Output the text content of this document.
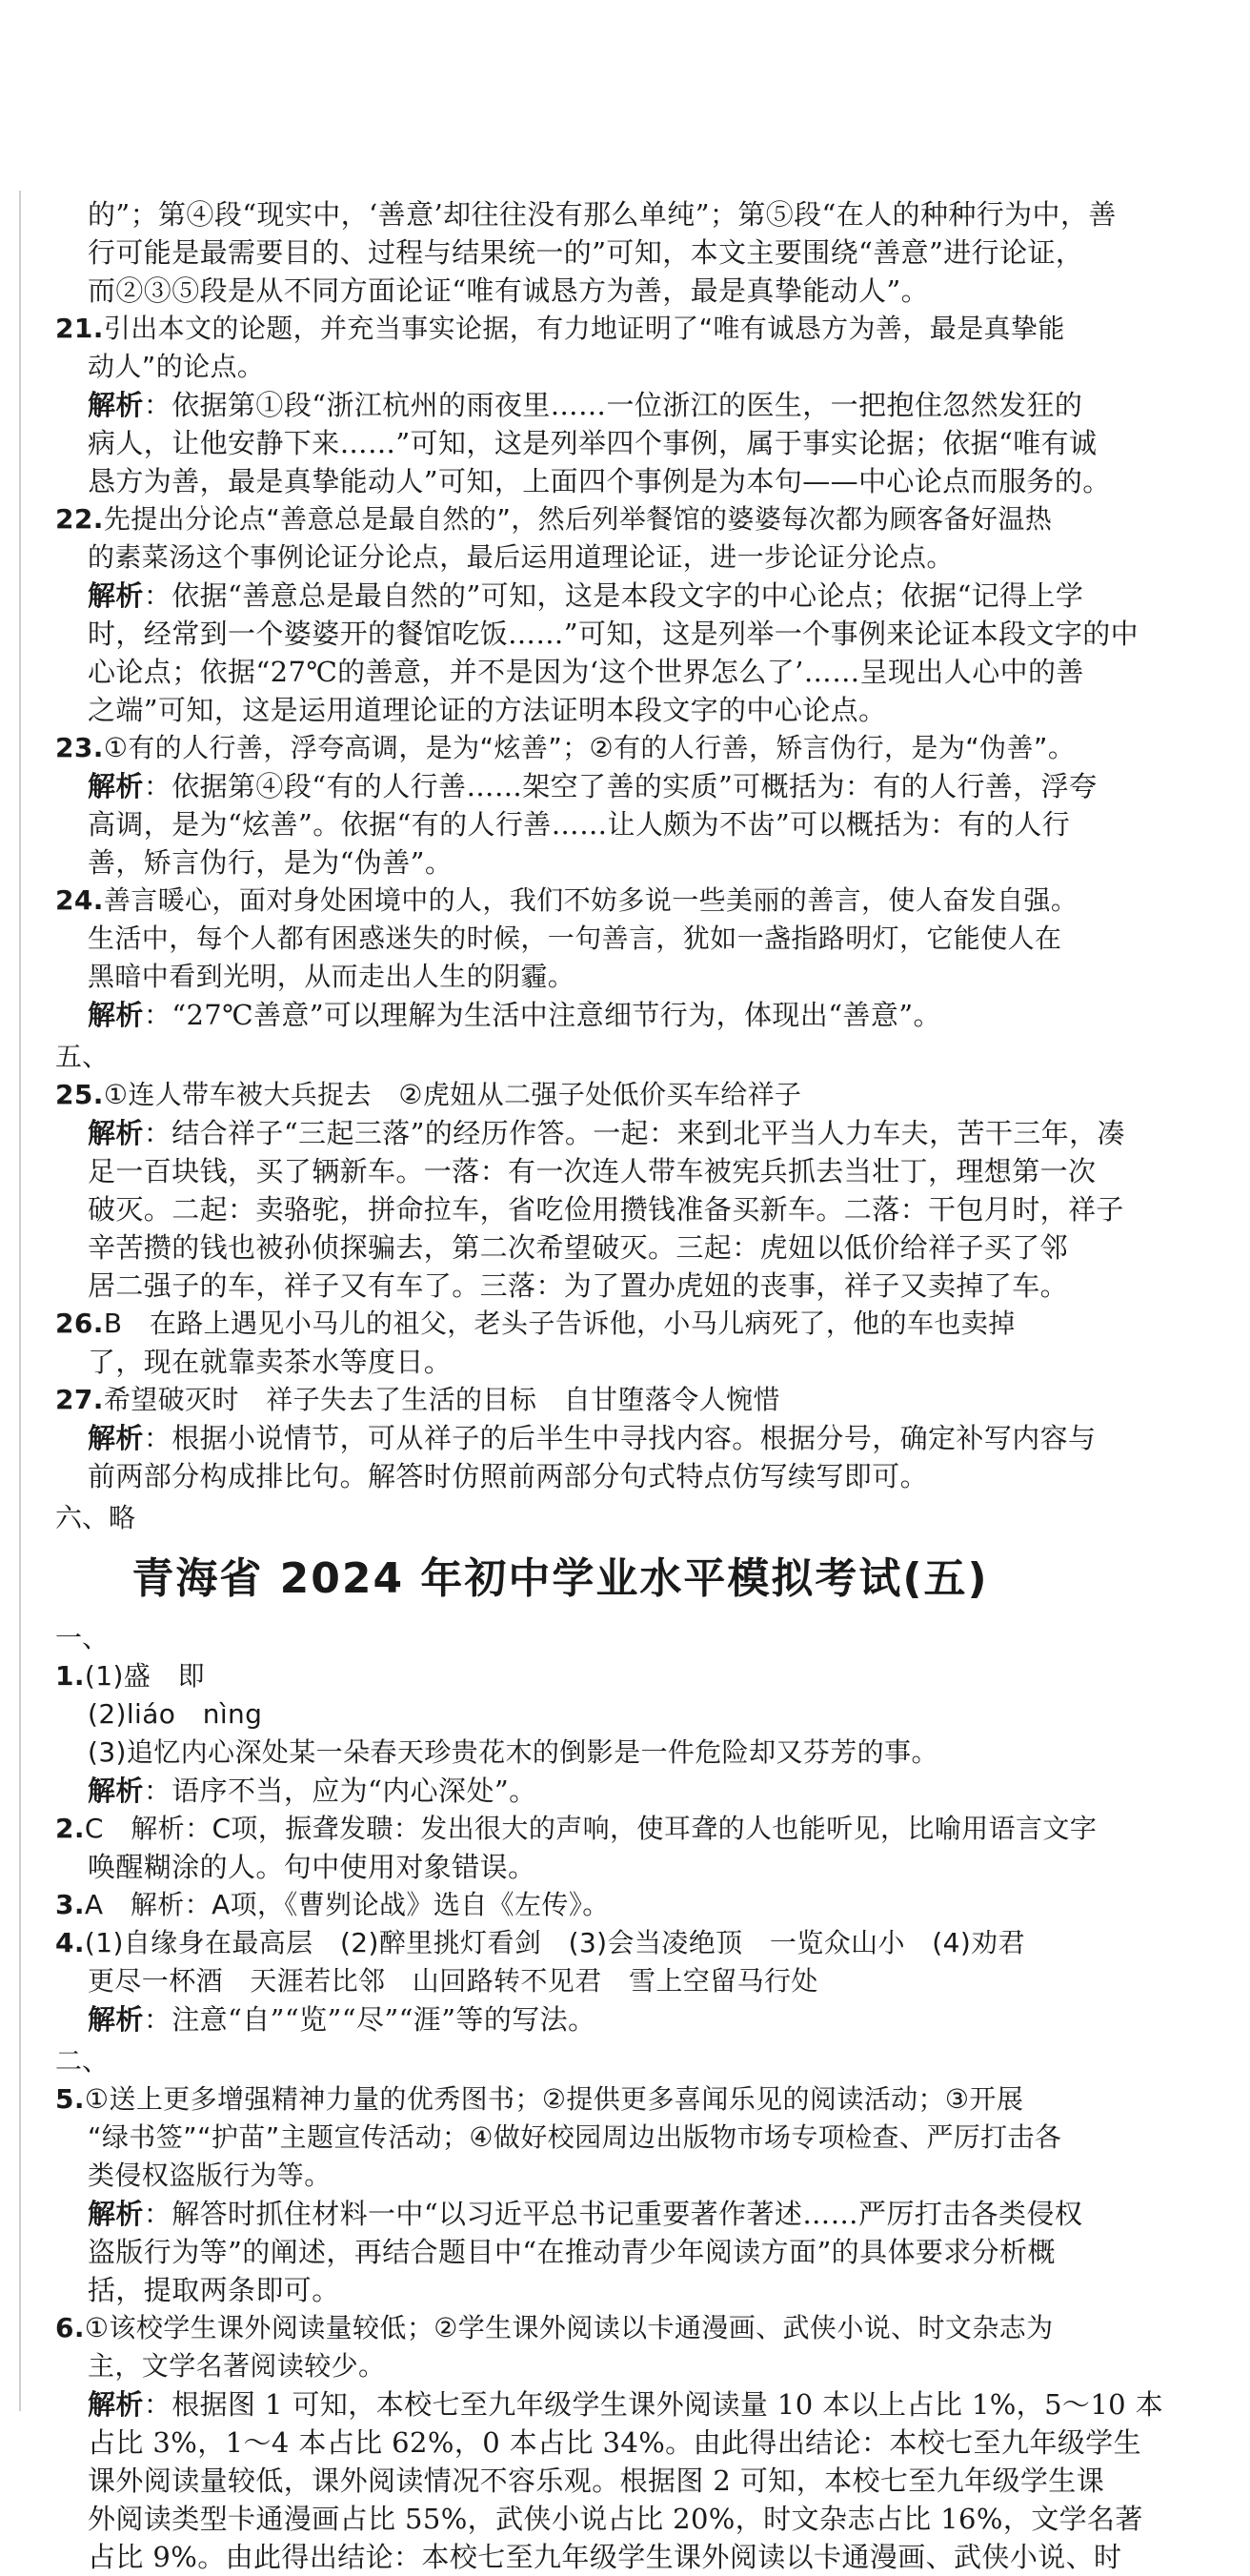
的”；第④段“现实中，‘善意’却往往没有那么单纯”；第⑤段“在人的种种行为中，善
行可能是最需要目的、过程与结果统一的”可知，本文主要围绕“善意”进行论证，
而②③⑤段是从不同方面论证“唯有诚恳方为善，最是真挚能动人”。
21.引出本文的论题，并充当事实论据，有力地证明了“唯有诚恳方为善，最是真挚能
动人”的论点。
解析：依据第①段“浙江杭州的雨夜里……一位浙江的医生，一把抱住忽然发狂的
病人，让他安静下来……”可知，这是列举四个事例，属于事实论据；依据“唯有诚
恳方为善，最是真挚能动人”可知，上面四个事例是为本句——中心论点而服务的。
22.先提出分论点“善意总是最自然的”，然后列举餐馆的婆婆每次都为顾客备好温热
的素菜汤这个事例论证分论点，最后运用道理论证，进一步论证分论点。
解析：依据“善意总是最自然的”可知，这是本段文字的中心论点；依据“记得上学
时，经常到一个婆婆开的餐馆吃饭……”可知，这是列举一个事例来论证本段文字的中
心论点；依据“27℃的善意，并不是因为‘这个世界怎么了’……呈现出人心中的善
之端”可知，这是运用道理论证的方法证明本段文字的中心论点。
23.①有的人行善，浮夸高调，是为“炫善”；②有的人行善，矫言伪行，是为“伪善”。
解析：依据第④段“有的人行善……架空了善的实质”可概括为：有的人行善，浮夸
高调，是为“炫善”。依据“有的人行善……让人颇为不齿”可以概括为：有的人行
善，矫言伪行，是为“伪善”。
24.善言暖心，面对身处困境中的人，我们不妨多说一些美丽的善言，使人奋发自强。
生活中，每个人都有困惑迷失的时候，一句善言，犹如一盏指路明灯，它能使人在
黑暗中看到光明，从而走出人生的阴霾。
解析：“27℃善意”可以理解为生活中注意细节行为，体现出“善意”。
五、
25.①连人带车被大兵捉去　②虎妞从二强子处低价买车给祥子
解析：结合祥子“三起三落”的经历作答。一起：来到北平当人力车夫，苦干三年，凑
足一百块钱，买了辆新车。一落：有一次连人带车被宪兵抓去当壮丁，理想第一次
破灭。二起：卖骆驼，拼命拉车，省吃俭用攒钱准备买新车。二落：干包月时，祥子
辛苦攒的钱也被孙侦探骗去，第二次希望破灭。三起：虎妞以低价给祥子买了邻
居二强子的车，祥子又有车了。三落：为了置办虎妞的丧事，祥子又卖掉了车。
26.B　在路上遇见小马儿的祖父，老头子告诉他，小马儿病死了，他的车也卖掉
了，现在就靠卖茶水等度日。
27.希望破灭时　祥子失去了生活的目标　自甘堕落令人惋惜
解析：根据小说情节，可从祥子的后半生中寻找内容。根据分号，确定补写内容与
前两部分构成排比句。解答时仿照前两部分句式特点仿写续写即可。
六、略
青海省 2024 年初中学业水平模拟考试(五)
一、
1.(1)盛　即
(2)liáo　nìng
(3)追忆内心深处某一朵春天珍贵花木的倒影是一件危险却又芬芳的事。
解析：语序不当，应为“内心深处”。
2.C　解析：C项，振聋发聩：发出很大的声响，使耳聋的人也能听见，比喻用语言文字
唤醒糊涂的人。句中使用对象错误。
3.A　解析：A项，《曹刿论战》选自《左传》。
4.(1)自缘身在最高层　(2)醉里挑灯看剑　(3)会当凌绝顶　一览众山小　(4)劝君
更尽一杯酒　天涯若比邻　山回路转不见君　雪上空留马行处
解析：注意“自”“览”“尽”“涯”等的写法。
二、
5.①送上更多增强精神力量的优秀图书；②提供更多喜闻乐见的阅读活动；③开展
“绿书签”“护苗”主题宣传活动；④做好校园周边出版物市场专项检查、严厉打击各
类侵权盗版行为等。
解析：解答时抓住材料一中“以习近平总书记重要著作著述……严厉打击各类侵权
盗版行为等”的阐述，再结合题目中“在推动青少年阅读方面”的具体要求分析概
括，提取两条即可。
6.①该校学生课外阅读量较低；②学生课外阅读以卡通漫画、武侠小说、时文杂志为
主，文学名著阅读较少。
解析：根据图 1 可知，本校七至九年级学生课外阅读量 10 本以上占比 1%，5～10 本
占比 3%，1～4 本占比 62%，0 本占比 34%。由此得出结论：本校七至九年级学生
课外阅读量较低，课外阅读情况不容乐观。根据图 2 可知，本校七至九年级学生课
外阅读类型卡通漫画占比 55%，武侠小说占比 20%，时文杂志占比 16%，文学名著
占比 9%。由此得出结论：本校七至九年级学生课外阅读以卡通漫画、武侠小说、时
